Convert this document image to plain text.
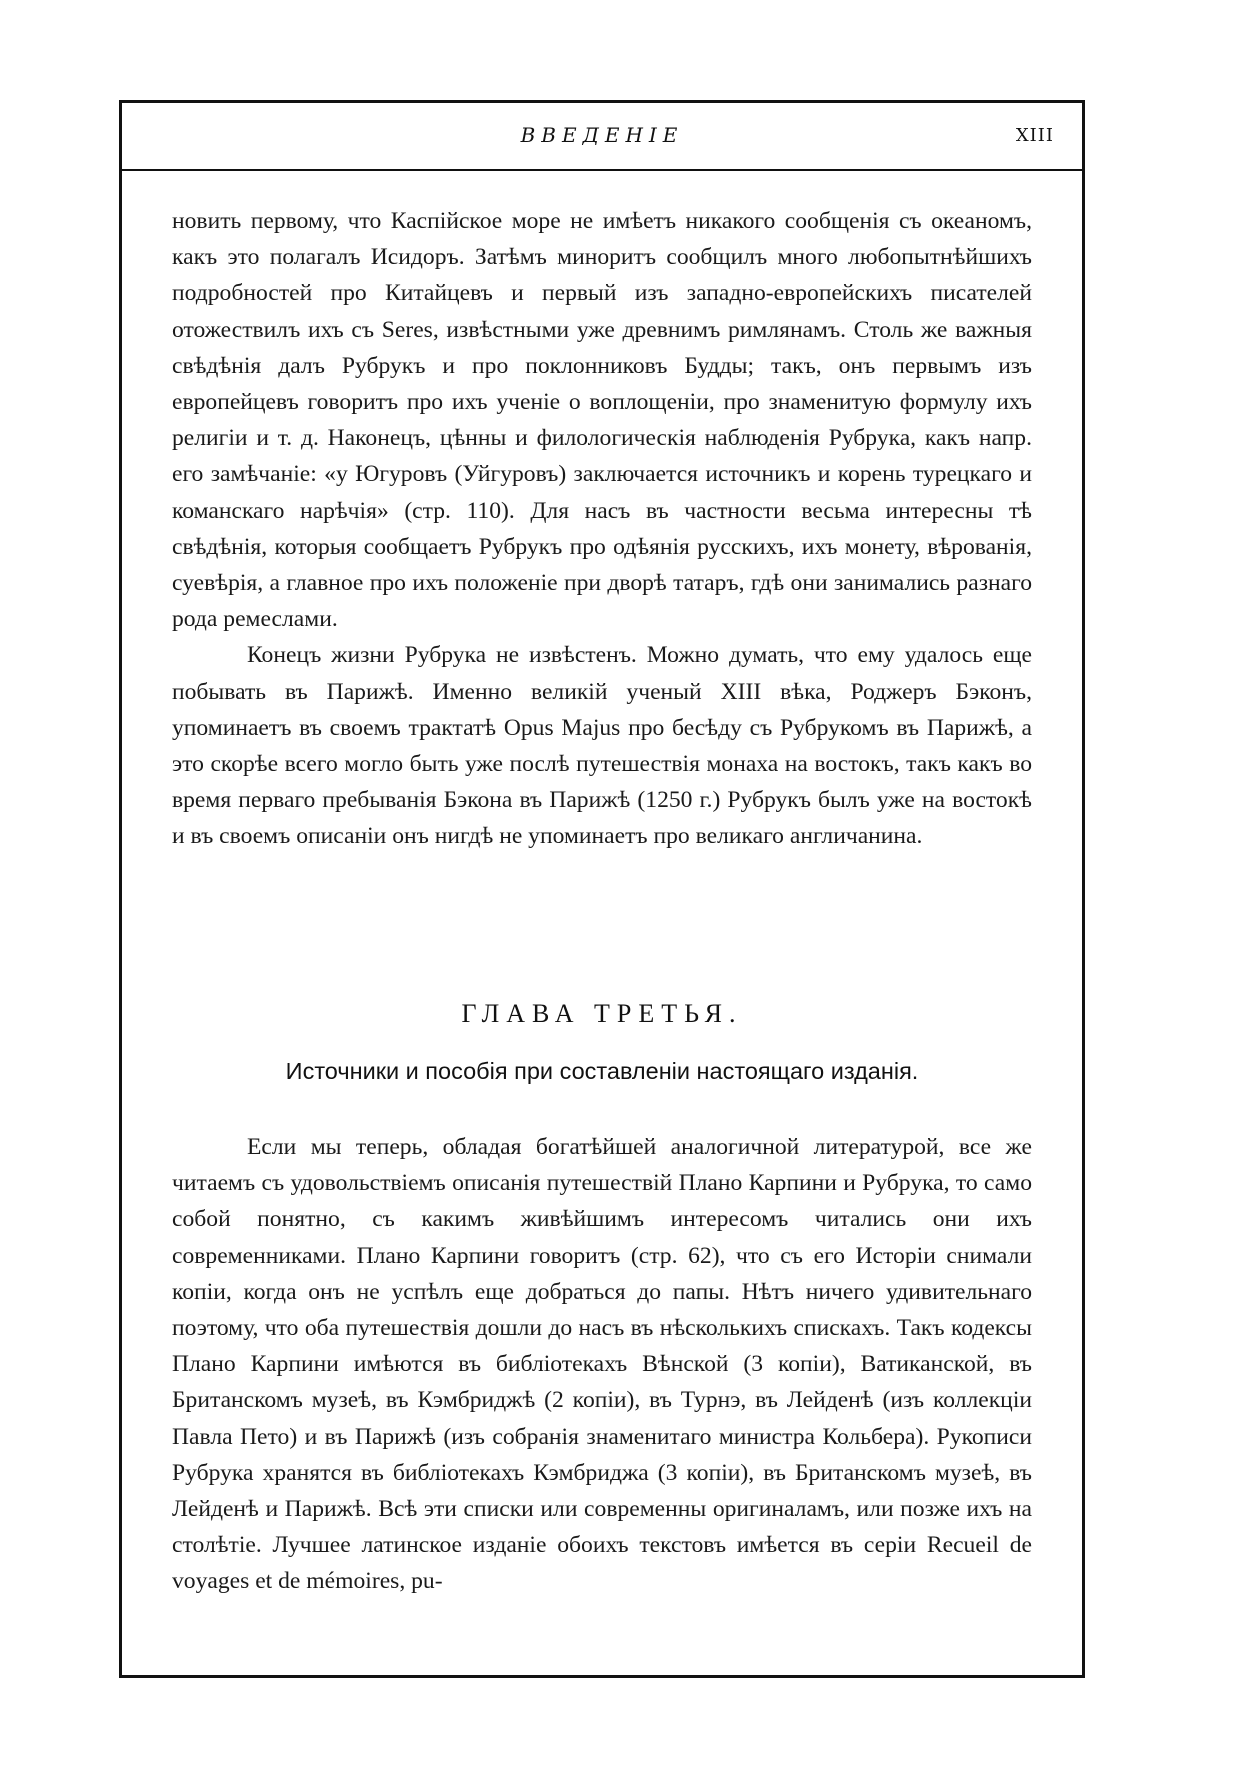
ВВЕДЕНІЕ	XIII

новить первому, что Каспійское море не имѣетъ никакого сообщенія съ океаномъ, какъ это полагалъ Исидоръ. Затѣмъ миноритъ сообщилъ много любопытнѣйшихъ подробностей про Китайцевъ и первый изъ западно-европейскихъ писателей отожествилъ ихъ съ Seres, извѣстными уже древнимъ римлянамъ. Столь же важныя свѣдѣнія далъ Рубрукъ и про поклонниковъ Будды; такъ, онъ первымъ изъ европейцевъ говоритъ про ихъ ученіе о воплощеніи, про знаменитую формулу ихъ религіи и т. д. Наконецъ, цѣнны и филологическія наблюденія Рубрука, какъ напр. его замѣчаніе: «у Югуровъ (Уйгуровъ) заключается источникъ и корень турецкаго и команскаго нарѣчія» (стр. 110). Для насъ въ частности весьма интересны тѣ свѣдѣнія, которыя сообщаетъ Рубрукъ про одѣянія русскихъ, ихъ монету, вѣрованія, суевѣрія, а главное про ихъ положеніе при дворѣ татаръ, гдѣ они занимались разнаго рода ремеслами.

Конецъ жизни Рубрука не извѣстенъ. Можно думать, что ему удалось еще побывать въ Парижѣ. Именно великій ученый XIII вѣка, Роджеръ Бэконъ, упоминаетъ въ своемъ трактатѣ Opus Majus про бесѣду съ Рубрукомъ въ Парижѣ, а это скорѣе всего могло быть уже послѣ путешествія монаха на востокъ, такъ какъ во время перваго пребыванія Бэкона въ Парижѣ (1250 г.) Рубрукъ былъ уже на востокѣ и въ своемъ описаніи онъ нигдѣ не упоминаетъ про великаго англичанина.

ГЛАВА ТРЕТЬЯ.
Источники и пособія при составленіи настоящаго изданія.

Если мы теперь, обладая богатѣйшей аналогичной литературой, все же читаемъ съ удовольствіемъ описанія путешествій Плано Карпини и Рубрука, то само собой понятно, съ какимъ живѣйшимъ интересомъ читались они ихъ современниками. Плано Карпини говоритъ (стр. 62), что съ его Исторіи снимали копіи, когда онъ не успѣлъ еще добраться до папы. Нѣтъ ничего удивительнаго поэтому, что оба путешествія дошли до насъ въ нѣсколькихъ спискахъ. Такъ кодексы Плано Карпини имѣются въ библіотекахъ Вѣнской (3 копіи), Ватиканской, въ Британскомъ музеѣ, въ Кэмбриджѣ (2 копіи), въ Турнэ, въ Лейденѣ (изъ коллекціи Павла Пето) и въ Парижѣ (изъ собранія знаменитаго министра Кольбера). Рукописи Рубрука хранятся въ библіотекахъ Кэмбриджа (3 копіи), въ Британскомъ музеѣ, въ Лейденѣ и Парижѣ. Всѣ эти списки или современны оригиналамъ, или позже ихъ на столѣтіе. Лучшее латинское изданіе обоихъ текстовъ имѣется въ серіи Recueil de voyages et de mémoires, pu-
